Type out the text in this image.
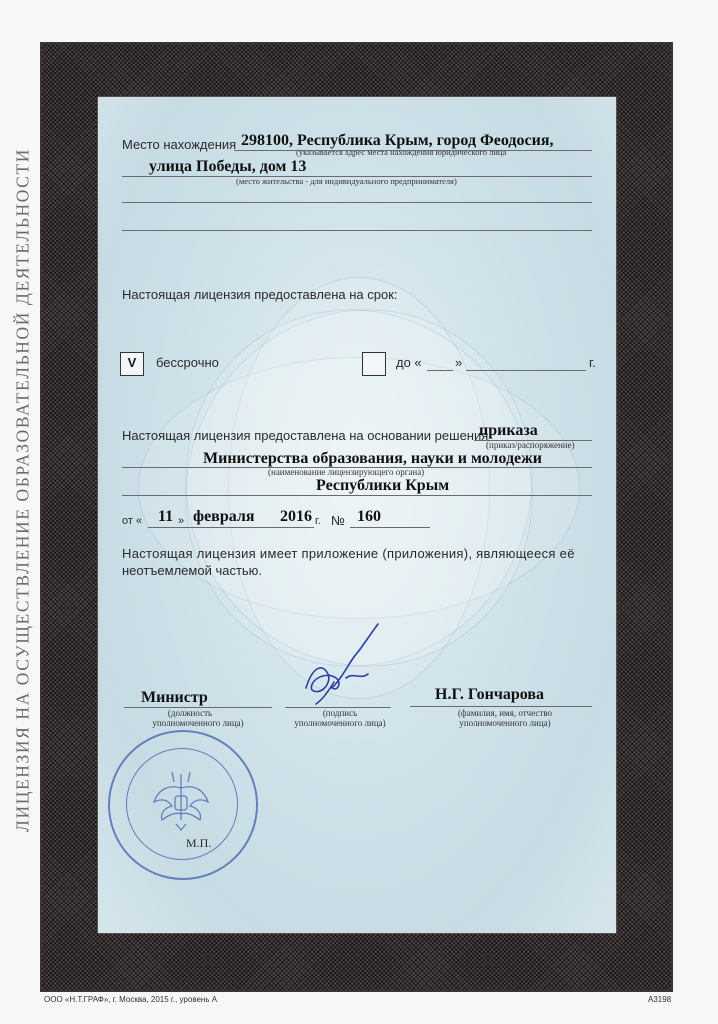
ЛИЦЕНЗИЯ НА ОСУЩЕСТВЛЕНИЕ ОБРАЗОВАТЕЛЬНОЙ ДЕЯТЕЛЬНОСТИ
Место нахождения 298100, Республика Крым, город Феодосия,
(указывается адрес места нахождения юридического лица
улица Победы, дом 13
(место жительства - для индивидуального предпринимателя)
Настоящая лицензия предоставлена на срок:
V	бессрочно	до «	»	г.
Настоящая лицензия предоставлена на основании решения
приказа
(приказ/распоряжение)
Министерства образования, науки и молодежи
(наименование лицензирующего органа)
Республики Крым
от « 11 » февраля 2016 г. № 160
Настоящая лицензия имеет приложение (приложения), являющееся её
неотъемлемой частью.
Министр
(должность
уполномоченного лица)
(подпись
уполномоченного лица)
Н.Г. Гончарова
(фамилия, имя, отчество
уполномоченного лица)
М.П.
ООО «Н.Т.ГРАФ», г. Москва, 2015 г., уровень А	А3198
